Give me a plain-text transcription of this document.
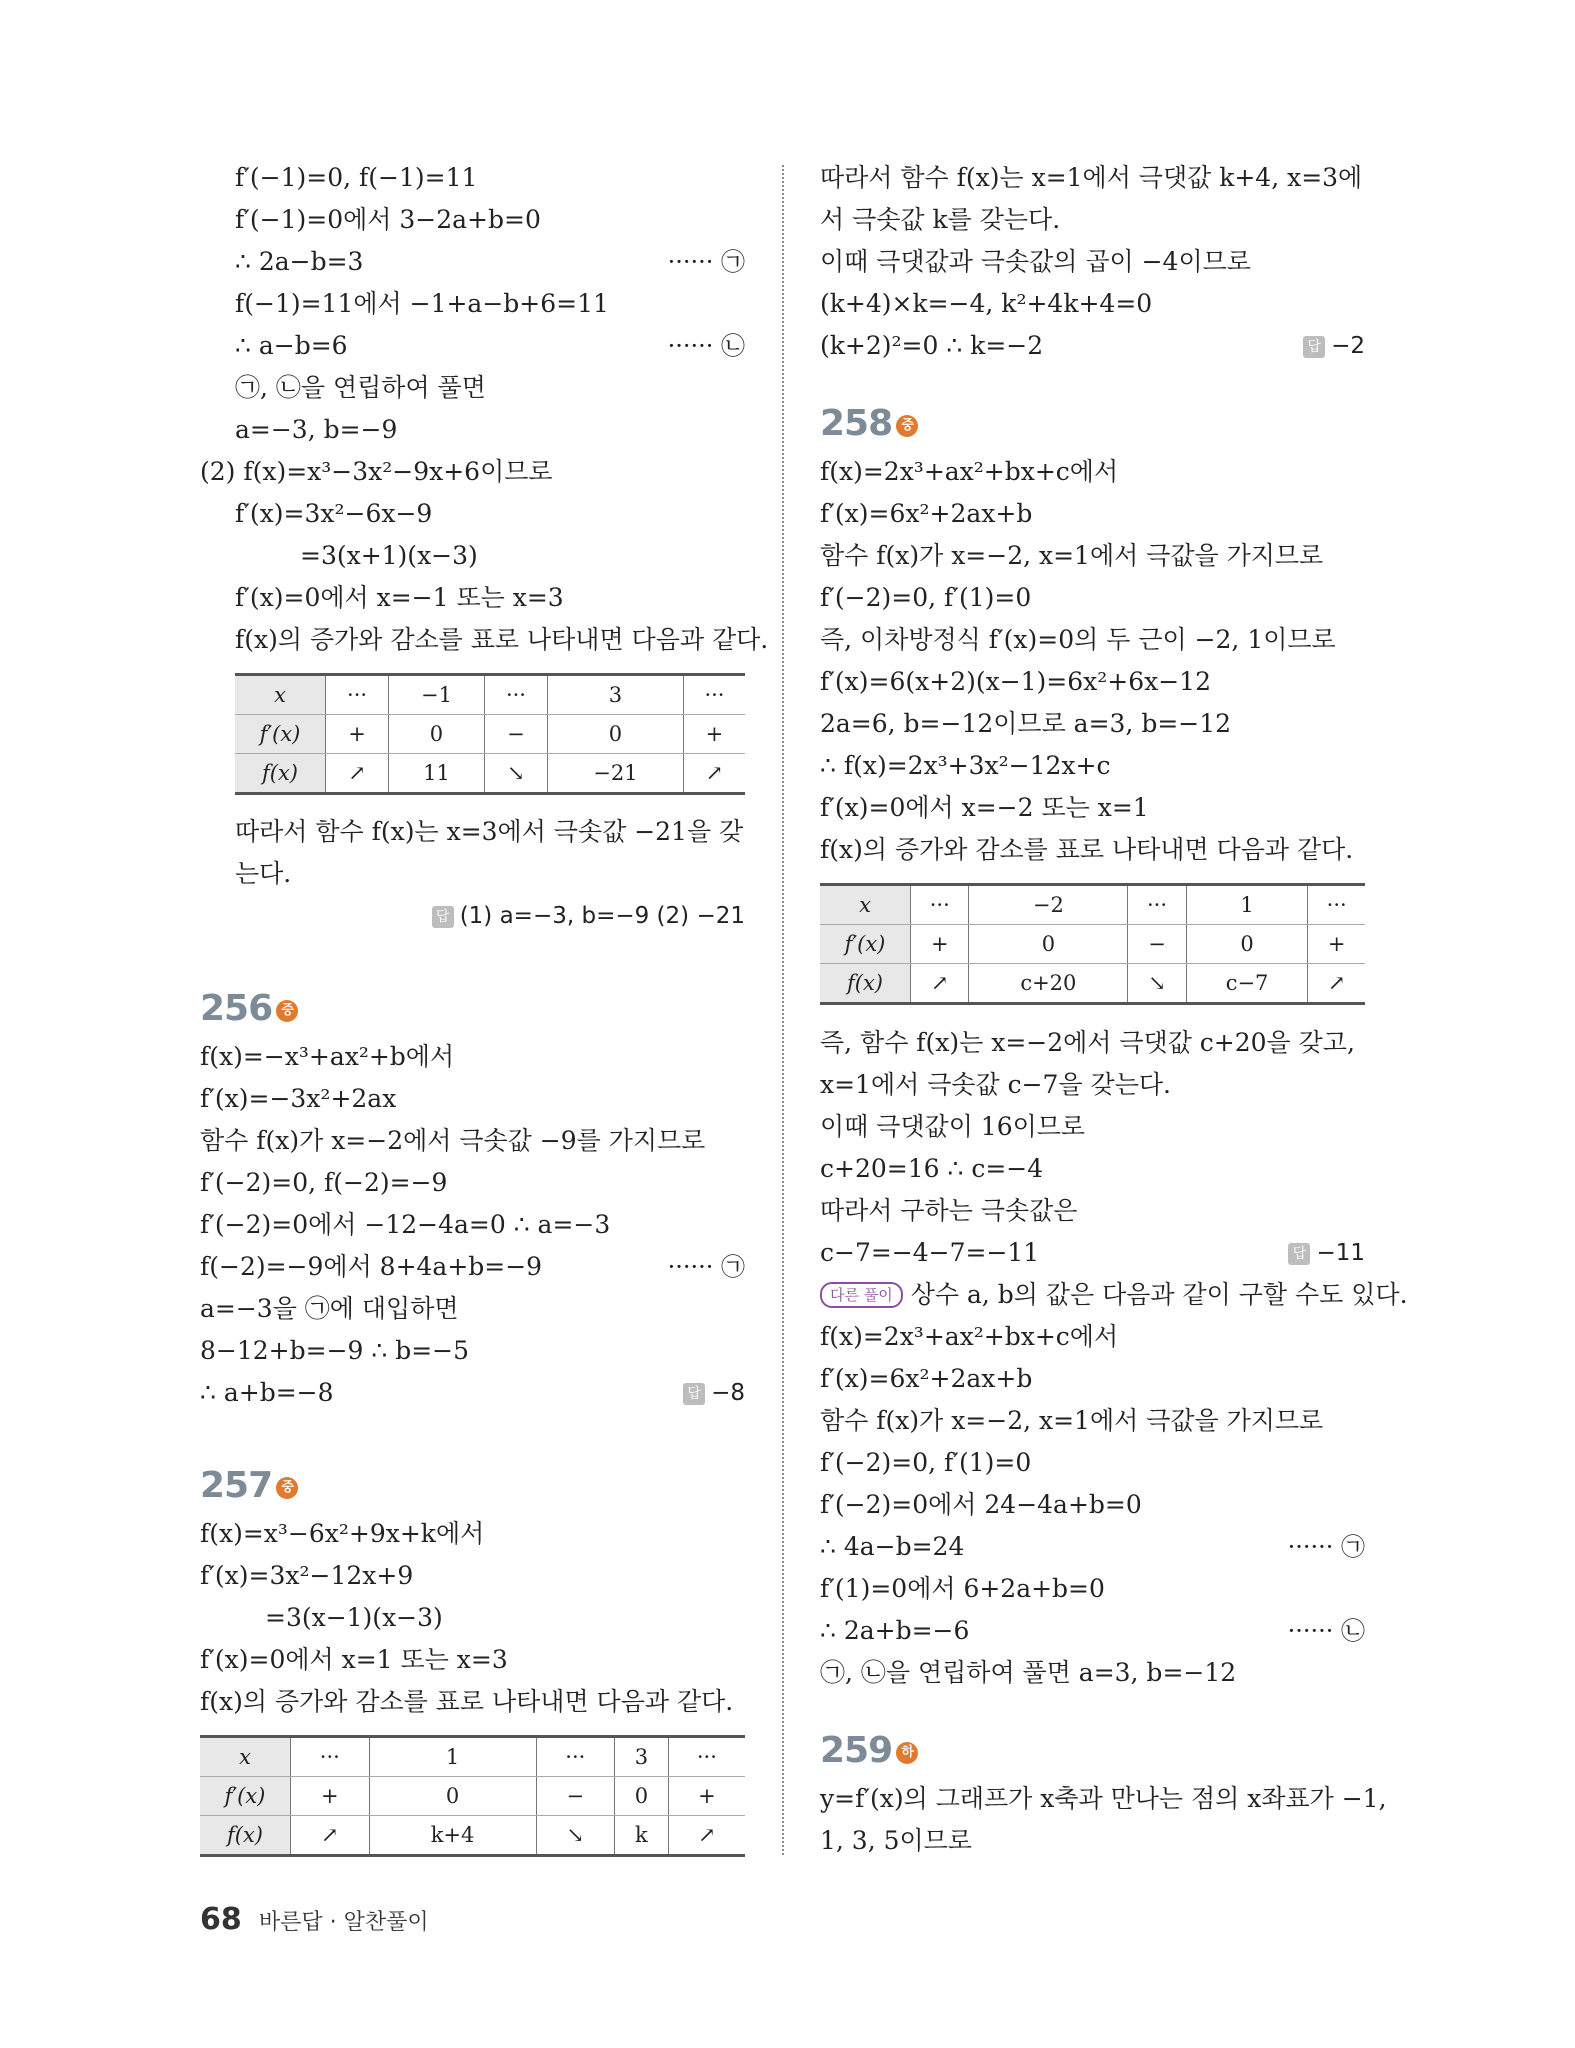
f′(−1)=0, f(−1)=11
f′(−1)=0에서 3−2a+b=0
∴ 2a−b=3	······ ㉠
f(−1)=11에서 −1+a−b+6=11
∴ a−b=6	······ ㉡
㉠, ㉡을 연립하여 풀면
a=−3, b=−9
(2) f(x)=x³−3x²−9x+6이므로
f′(x)=3x²−6x−9
=3(x+1)(x−3)
f′(x)=0에서 x=−1 또는 x=3
f(x)의 증가와 감소를 표로 나타내면 다음과 같다.
x	···	−1	···	3	···
f′(x)	+	0	−	0	+
f(x)	↗	11	↘	−21	↗
따라서 함수 f(x)는 x=3에서 극솟값 −21을 갖
는다.
답 (1) a=−3, b=−9 (2) −21
256 중
f(x)=−x³+ax²+b에서
f′(x)=−3x²+2ax
함수 f(x)가 x=−2에서 극솟값 −9를 가지므로
f′(−2)=0, f(−2)=−9
f′(−2)=0에서 −12−4a=0 ∴ a=−3
f(−2)=−9에서 8+4a+b=−9	······ ㉠
a=−3을 ㉠에 대입하면
8−12+b=−9 ∴ b=−5
∴ a+b=−8	답 −8
257 중
f(x)=x³−6x²+9x+k에서
f′(x)=3x²−12x+9
=3(x−1)(x−3)
f′(x)=0에서 x=1 또는 x=3
f(x)의 증가와 감소를 표로 나타내면 다음과 같다.
x	···	1	···	3	···
f′(x)	+	0	−	0	+
f(x)	↗	k+4	↘	k	↗
따라서 함수 f(x)는 x=1에서 극댓값 k+4, x=3에
서 극솟값 k를 갖는다.
이때 극댓값과 극솟값의 곱이 −4이므로
(k+4)×k=−4, k²+4k+4=0
(k+2)²=0 ∴ k=−2	답 −2
258 중
f(x)=2x³+ax²+bx+c에서
f′(x)=6x²+2ax+b
함수 f(x)가 x=−2, x=1에서 극값을 가지므로
f′(−2)=0, f′(1)=0
즉, 이차방정식 f′(x)=0의 두 근이 −2, 1이므로
f′(x)=6(x+2)(x−1)=6x²+6x−12
2a=6, b=−12이므로 a=3, b=−12
∴ f(x)=2x³+3x²−12x+c
f′(x)=0에서 x=−2 또는 x=1
f(x)의 증가와 감소를 표로 나타내면 다음과 같다.
x	···	−2	···	1	···
f′(x)	+	0	−	0	+
f(x)	↗	c+20	↘	c−7	↗
즉, 함수 f(x)는 x=−2에서 극댓값 c+20을 갖고,
x=1에서 극솟값 c−7을 갖는다.
이때 극댓값이 16이므로
c+20=16 ∴ c=−4
따라서 구하는 극솟값은
c−7=−4−7=−11	답 −11
다른 풀이 상수 a, b의 값은 다음과 같이 구할 수도 있다.
f(x)=2x³+ax²+bx+c에서
f′(x)=6x²+2ax+b
함수 f(x)가 x=−2, x=1에서 극값을 가지므로
f′(−2)=0, f′(1)=0
f′(−2)=0에서 24−4a+b=0
∴ 4a−b=24	······ ㉠
f′(1)=0에서 6+2a+b=0
∴ 2a+b=−6	······ ㉡
㉠, ㉡을 연립하여 풀면 a=3, b=−12
259 하
y=f′(x)의 그래프가 x축과 만나는 점의 x좌표가 −1,
1, 3, 5이므로
68 바른답 · 알찬풀이
